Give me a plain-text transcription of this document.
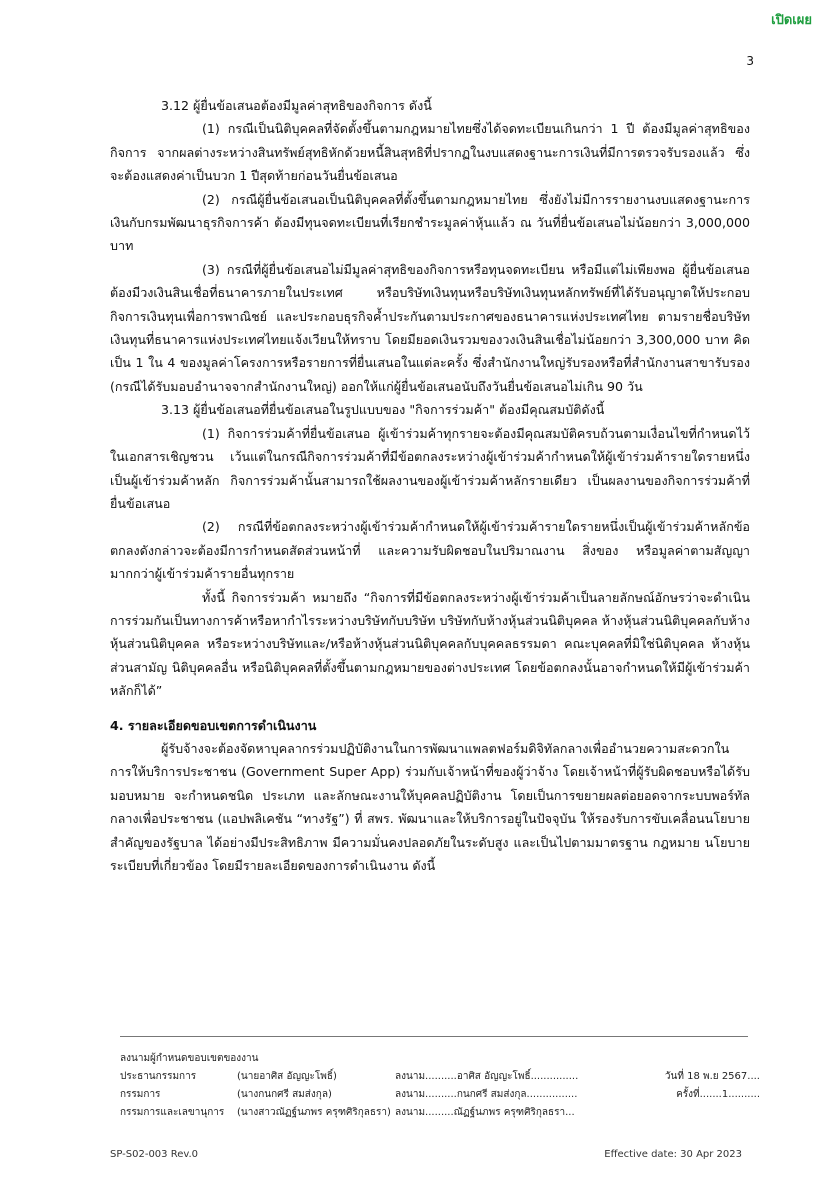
เปิดเผย
3

3.12 ผู้ยื่นข้อเสนอต้องมีมูลค่าสุทธิของกิจการ ดังนี้

(1) กรณีเป็นนิติบุคคลที่จัดตั้งขึ้นตามกฎหมายไทยซึ่งได้จดทะเบียนเกินกว่า 1 ปี ต้องมีมูลค่าสุทธิของกิจการ จากผลต่างระหว่างสินทรัพย์สุทธิหักด้วยหนี้สินสุทธิที่ปรากฏในงบแสดงฐานะการเงินที่มีการตรวจรับรองแล้ว ซึ่งจะต้องแสดงค่าเป็นบวก 1 ปีสุดท้ายก่อนวันยื่นข้อเสนอ

(2) กรณีผู้ยื่นข้อเสนอเป็นนิติบุคคลที่ตั้งขึ้นตามกฎหมายไทย ซึ่งยังไม่มีการรายงานงบแสดงฐานะการเงินกับกรมพัฒนาธุรกิจการค้า ต้องมีทุนจดทะเบียนที่เรียกชำระมูลค่าหุ้นแล้ว ณ วันที่ยื่นข้อเสนอไม่น้อยกว่า 3,000,000 บาท

(3) กรณีที่ผู้ยื่นข้อเสนอไม่มีมูลค่าสุทธิของกิจการหรือทุนจดทะเบียน หรือมีแต่ไม่เพียงพอ ผู้ยื่นข้อเสนอต้องมีวงเงินสินเชื่อที่ธนาคารภายในประเทศ หรือบริษัทเงินทุนหรือบริษัทเงินทุนหลักทรัพย์ที่ได้รับอนุญาตให้ประกอบกิจการเงินทุนเพื่อการพาณิชย์ และประกอบธุรกิจค้ำประกันตามประกาศของธนาคารแห่งประเทศไทย ตามรายชื่อบริษัทเงินทุนที่ธนาคารแห่งประเทศไทยแจ้งเวียนให้ทราบ โดยมียอดเงินรวมของวงเงินสินเชื่อไม่น้อยกว่า 3,300,000 บาท คิดเป็น 1 ใน 4 ของมูลค่าโครงการหรือรายการที่ยื่นเสนอในแต่ละครั้ง ซึ่งสำนักงานใหญ่รับรองหรือที่สำนักงานสาขารับรอง (กรณีได้รับมอบอำนาจจากสำนักงานใหญ่) ออกให้แก่ผู้ยื่นข้อเสนอนับถึงวันยื่นข้อเสนอไม่เกิน 90 วัน

3.13 ผู้ยื่นข้อเสนอที่ยื่นข้อเสนอในรูปแบบของ "กิจการร่วมค้า" ต้องมีคุณสมบัติดังนี้

(1) กิจการร่วมค้าที่ยื่นข้อเสนอ ผู้เข้าร่วมค้าทุกรายจะต้องมีคุณสมบัติครบถ้วนตามเงื่อนไขที่กำหนดไว้ในเอกสารเชิญชวน เว้นแต่ในกรณีกิจการร่วมค้าที่มีข้อตกลงระหว่างผู้เข้าร่วมค้ากำหนดให้ผู้เข้าร่วมค้ารายใดรายหนึ่งเป็นผู้เข้าร่วมค้าหลัก กิจการร่วมค้านั้นสามารถใช้ผลงานของผู้เข้าร่วมค้าหลักรายเดียว เป็นผลงานของกิจการร่วมค้าที่ยื่นข้อเสนอ

(2) กรณีที่ข้อตกลงระหว่างผู้เข้าร่วมค้ากำหนดให้ผู้เข้าร่วมค้ารายใดรายหนึ่งเป็นผู้เข้าร่วมค้าหลักข้อตกลงดังกล่าวจะต้องมีการกำหนดสัดส่วนหน้าที่ และความรับผิดชอบในปริมาณงาน สิ่งของ หรือมูลค่าตามสัญญา มากกว่าผู้เข้าร่วมค้ารายอื่นทุกราย

ทั้งนี้ กิจการร่วมค้า หมายถึง “กิจการที่มีข้อตกลงระหว่างผู้เข้าร่วมค้าเป็นลายลักษณ์อักษรว่าจะดำเนินการร่วมกันเป็นทางการค้าหรือหากำไรระหว่างบริษัทกับบริษัท บริษัทกับห้างหุ้นส่วนนิติบุคคล ห้างหุ้นส่วนนิติบุคคลกับห้างหุ้นส่วนนิติบุคคล หรือระหว่างบริษัทและ/หรือห้างหุ้นส่วนนิติบุคคลกับบุคคลธรรมดา คณะบุคคลที่มิใช่นิติบุคคล ห้างหุ้นส่วนสามัญ นิติบุคคลอื่น หรือนิติบุคคลที่ตั้งขึ้นตามกฎหมายของต่างประเทศ โดยข้อตกลงนั้นอาจกำหนดให้มีผู้เข้าร่วมค้าหลักก็ได้”

4. รายละเอียดขอบเขตการดำเนินงาน

ผู้รับจ้างจะต้องจัดหาบุคลากรร่วมปฏิบัติงานในการพัฒนาแพลตฟอร์มดิจิทัลกลางเพื่ออำนวยความสะดวกในการให้บริการประชาชน (Government Super App) ร่วมกับเจ้าหน้าที่ของผู้ว่าจ้าง โดยเจ้าหน้าที่ผู้รับผิดชอบหรือได้รับมอบหมาย จะกำหนดชนิด ประเภท และลักษณะงานให้บุคคลปฏิบัติงาน โดยเป็นการขยายผลต่อยอดจากระบบพอร์ทัลกลางเพื่อประชาชน (แอปพลิเคชัน “ทางรัฐ”) ที่ สพร. พัฒนาและให้บริการอยู่ในปัจจุบัน ให้รองรับการขับเคลื่อนนโยบายสำคัญของรัฐบาล ได้อย่างมีประสิทธิภาพ มีความมั่นคงปลอดภัยในระดับสูง และเป็นไปตามมาตรฐาน กฎหมาย นโยบาย ระเบียบที่เกี่ยวข้อง โดยมีรายละเอียดของการดำเนินงาน ดังนี้

ลงนามผู้กำหนดขอบเขตของงาน
ประธานกรรมการ	(นายอาศิส อัญญะโพธิ์)	ลงนาม..........อาศิส อัญญะโพธิ์...............	วันที่ 18 พ.ย 2567....
กรรมการ	(นางกนกศรี สมส่งกุล)	ลงนาม..........กนกศรี สมส่งกุล................	ครั้งที่.......1..........
กรรมการและเลขานุการ (นางสาวณัฏฐ์นภพร ครุฑศิริกุลธรา) ลงนาม.........ณัฏฐ์นภพร ครุฑศิริกุลธรา...
SP-S02-003 Rev.0	Effective date: 30 Apr 2023
